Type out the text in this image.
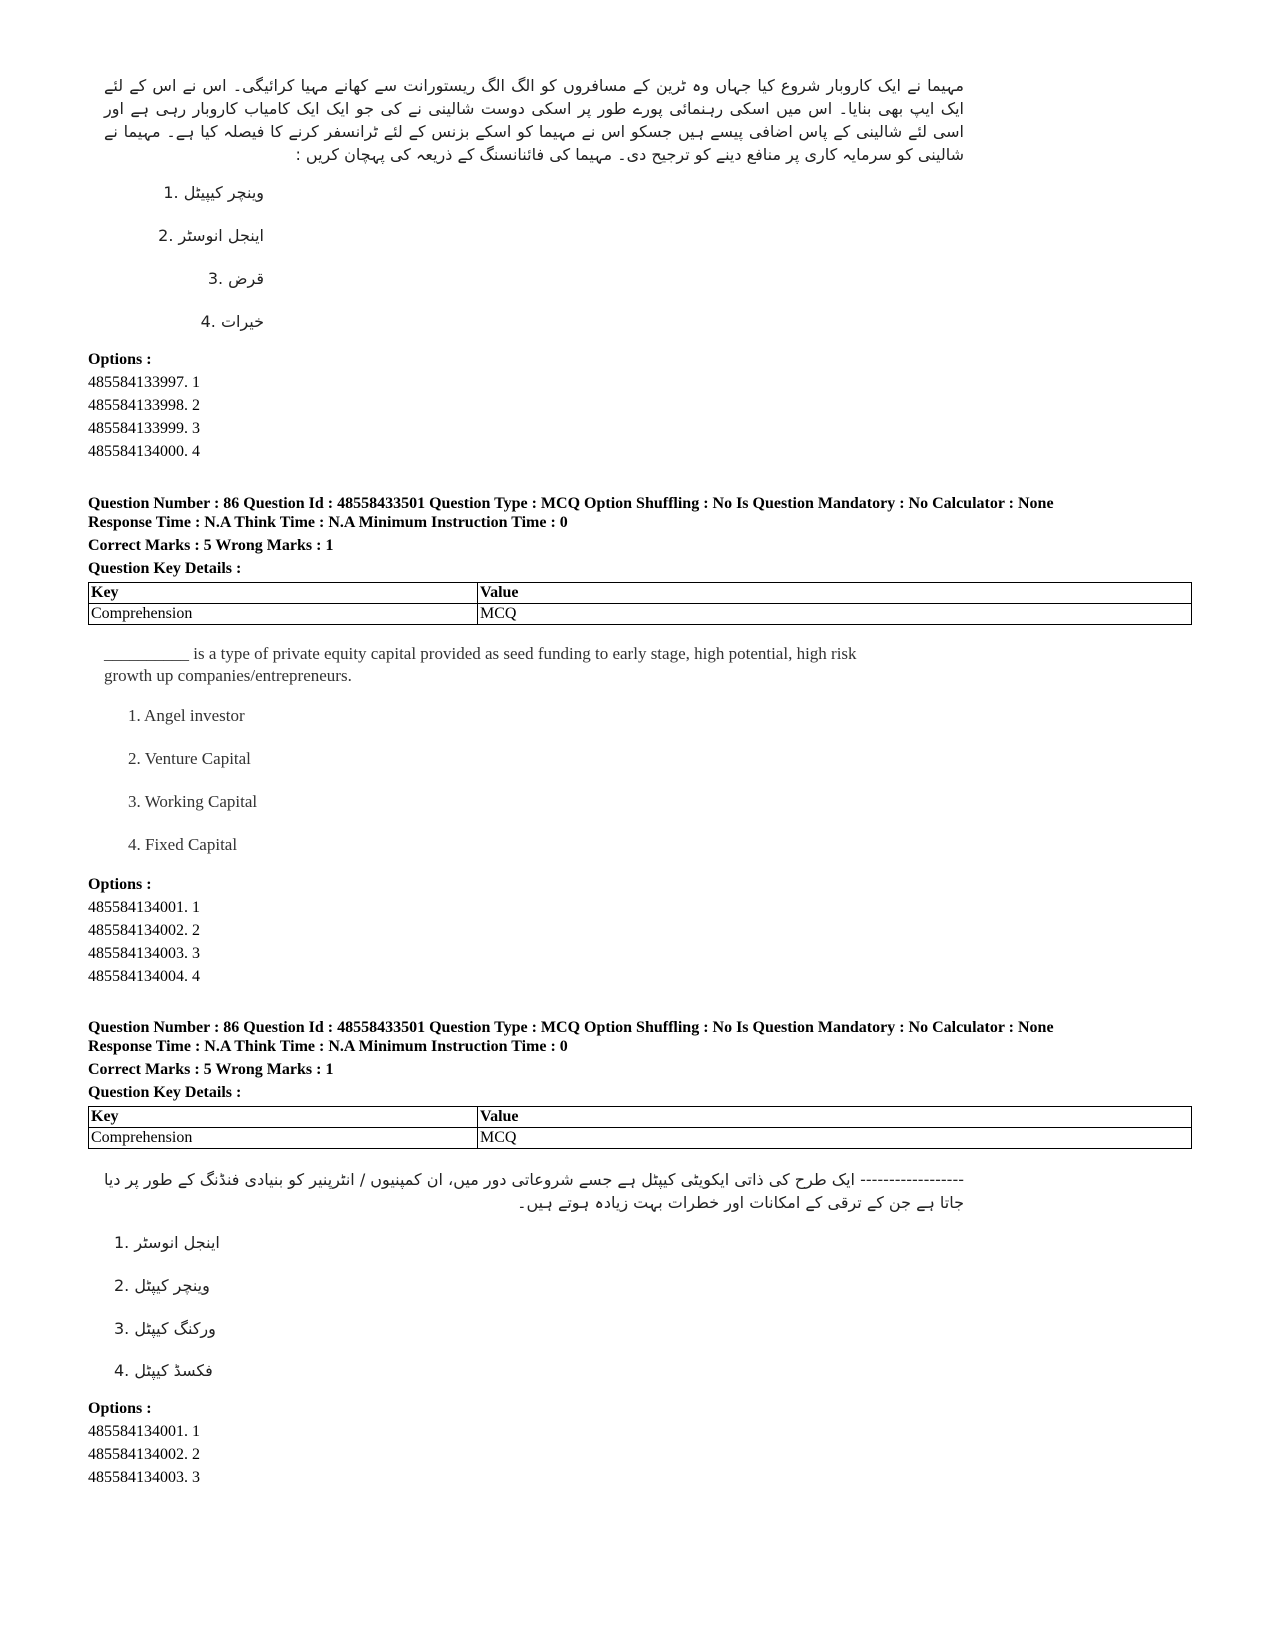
مہیما نے ایک کاروبار شروع کیا جہاں وہ ٹرین کے مسافروں کو الگ الگ ریستورانت سے کھانے مہیا کرائیگی۔ اس نے اس کے لئے ایک ایپ بھی بنایا۔ اس میں اسکی رہنمائی پورے طور پر اسکی دوست شالینی نے کی جو ایک ایک کامیاب کاروبار رہی ہے اور اسی لئے شالینی کے پاس اضافی پیسے ہیں جسکو اس نے مہیما کو اسکے بزنس کے لئے ٹرانسفر کرنے کا فیصلہ کیا ہے۔ مہیما نے شالینی کو سرمایہ کاری پر منافع دینے کو ترجیح دی۔ مہیما کی فائنانسنگ کے ذریعہ کی پہچان کریں :
وینچر کیپیٹل .1
اینجل انوسٹر .2
قرض .3
خیرات .4
Options :
485584133997. 1
485584133998. 2
485584133999. 3
485584134000. 4
Question Number : 86 Question Id : 48558433501 Question Type : MCQ Option Shuffling : No Is Question Mandatory : No Calculator : None
Response Time : N.A Think Time : N.A Minimum Instruction Time : 0
Correct Marks : 5 Wrong Marks : 1
Question Key Details :
Key	Value
Comprehension	MCQ
__________ is a type of private equity capital provided as seed funding to early stage, high potential, high risk
growth up companies/entrepreneurs.
1. Angel investor
2. Venture Capital
3. Working Capital
4. Fixed Capital
Options :
485584134001. 1
485584134002. 2
485584134003. 3
485584134004. 4
Question Number : 86 Question Id : 48558433501 Question Type : MCQ Option Shuffling : No Is Question Mandatory : No Calculator : None
Response Time : N.A Think Time : N.A Minimum Instruction Time : 0
Correct Marks : 5 Wrong Marks : 1
Question Key Details :
Key	Value
Comprehension	MCQ
------------------ ایک طرح کی ذاتی ایکویٹی کیپٹل ہے جسے شروعاتی دور میں، ان کمپنیوں / انٹرپنیر کو بنیادی فنڈنگ کے طور پر دیا جاتا ہے جن کے ترقی کے امکانات اور خطرات بہت زیادہ ہوتے ہیں۔
1. اینجل انوسٹر
2. وینچر کیپٹل
3. ورکنگ کیپٹل
4. فکسڈ کیپٹل
Options :
485584134001. 1
485584134002. 2
485584134003. 3
